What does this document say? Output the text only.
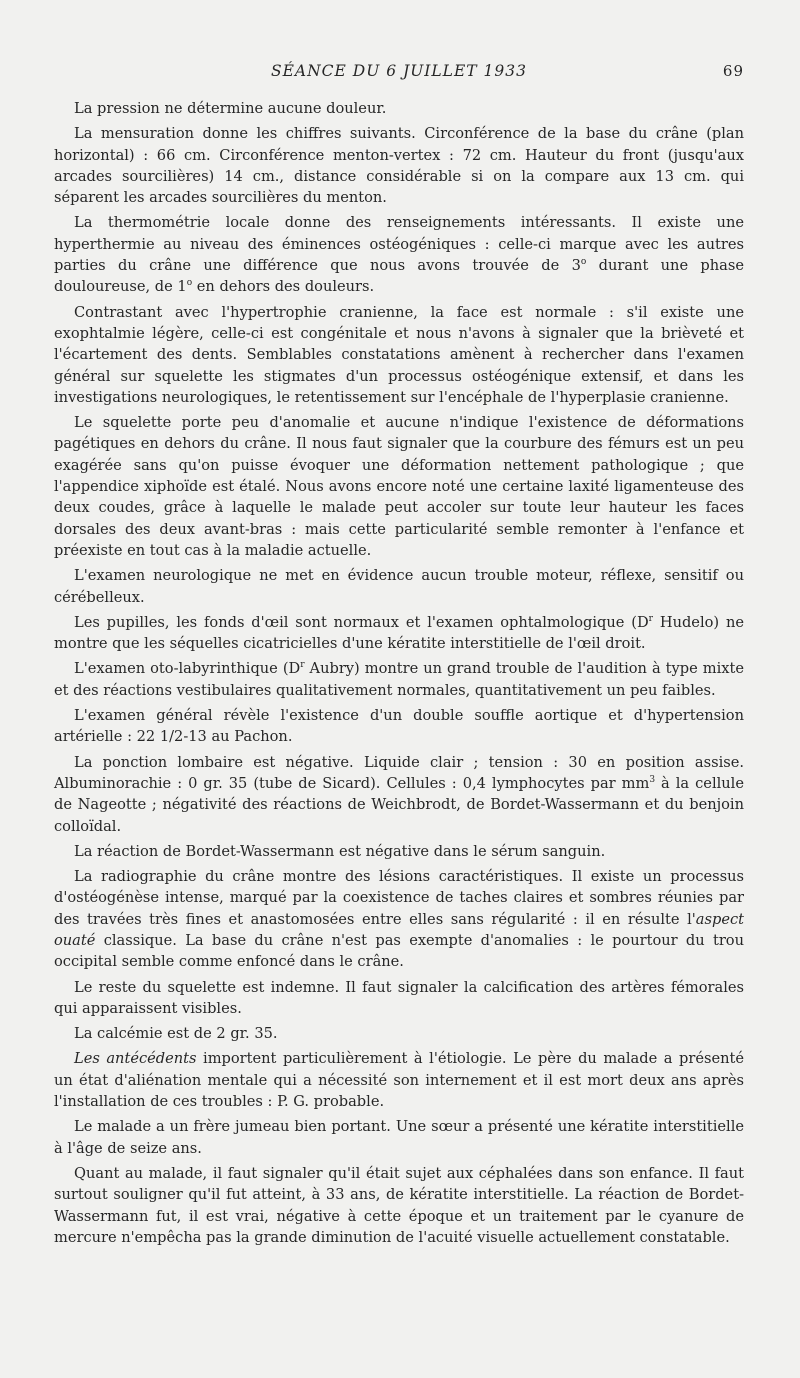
SÉANCE DU 6 JUILLET 1933	69

La pression ne détermine aucune douleur.

La mensuration donne les chiffres suivants. Circonférence de la base du crâne (plan horizontal) : 66 cm. Circonférence menton-vertex : 72 cm. Hauteur du front (jusqu'aux arcades sourcilières) 14 cm., distance considérable si on la compare aux 13 cm. qui séparent les arcades sourcilières du menton.

La thermométrie locale donne des renseignements intéressants. Il existe une hyperthermie au niveau des éminences ostéogéniques : celle-ci marque avec les autres parties du crâne une différence que nous avons trouvée de 3$^o$ durant une phase douloureuse, de 1$^o$ en dehors des douleurs.

Contrastant avec l'hypertrophie cranienne, la face est normale : s'il existe une exophtalmie légère, celle-ci est congénitale et nous n'avons à signaler que la brièveté et l'écartement des dents. Semblables constatations amènent à rechercher dans l'examen général sur squelette les stigmates d'un processus ostéogénique extensif, et dans les investigations neurologiques, le retentissement sur l'encéphale de l'hyperplasie cranienne.

Le squelette porte peu d'anomalie et aucune n'indique l'existence de déformations pagétiques en dehors du crâne. Il nous faut signaler que la courbure des fémurs est un peu exagérée sans qu'on puisse évoquer une déformation nettement pathologique ; que l'appendice xiphoïde est étalé. Nous avons encore noté une certaine laxité ligamenteuse des deux coudes, grâce à laquelle le malade peut accoler sur toute leur hauteur les faces dorsales des deux avant-bras : mais cette particularité semble remonter à l'enfance et préexiste en tout cas à la maladie actuelle.

L'examen neurologique ne met en évidence aucun trouble moteur, réflexe, sensitif ou cérébelleux.

Les pupilles, les fonds d'œil sont normaux et l'examen ophtalmologique ($D^r$ Hudelo) ne montre que les séquelles cicatricielles d'une kératite interstitielle de l'œil droit.

L'examen oto-labyrinthique ($D^r$ Aubry) montre un grand trouble de l'audition à type mixte et des réactions vestibulaires qualitativement normales, quantitativement un peu faibles.

L'examen général révèle l'existence d'un double souffle aortique et d'hypertension artérielle : 22 1/2-13 au Pachon.

La ponction lombaire est négative. Liquide clair ; tension : 30 en position assise. Albuminorachie : 0 gr. 35 (tube de Sicard). Cellules : 0,4 lymphocytes par $mm^3$ à la cellule de Nageotte ; négativité des réactions de Weichbrodt, de Bordet-Wassermann et du benjoin colloïdal.

La réaction de Bordet-Wassermann est négative dans le sérum sanguin.

La radiographie du crâne montre des lésions caractéristiques. Il existe un processus d'ostéogénèse intense, marqué par la coexistence de taches claires et sombres réunies par des travées très fines et anastomosées entre elles sans régularité : il en résulte l'aspect ouaté classique. La base du crâne n'est pas exempte d'anomalies : le pourtour du trou occipital semble comme enfoncé dans le crâne.

Le reste du squelette est indemne. Il faut signaler la calcification des artères fémorales qui apparaissent visibles.

La calcémie est de 2 gr. 35.

Les antécédents importent particulièrement à l'étiologie. Le père du malade a présenté un état d'aliénation mentale qui a nécessité son internement et il est mort deux ans après l'installation de ces troubles : P. G. probable.

Le malade a un frère jumeau bien portant. Une sœur a présenté une kératite interstitielle à l'âge de seize ans.

Quant au malade, il faut signaler qu'il était sujet aux céphalées dans son enfance. Il faut surtout souligner qu'il fut atteint, à 33 ans, de kératite interstitielle. La réaction de Bordet-Wassermann fut, il est vrai, négative à cette époque et un traitement par le cyanure de mercure n'empêcha pas la grande diminution de l'acuité visuelle actuellement constatable.
